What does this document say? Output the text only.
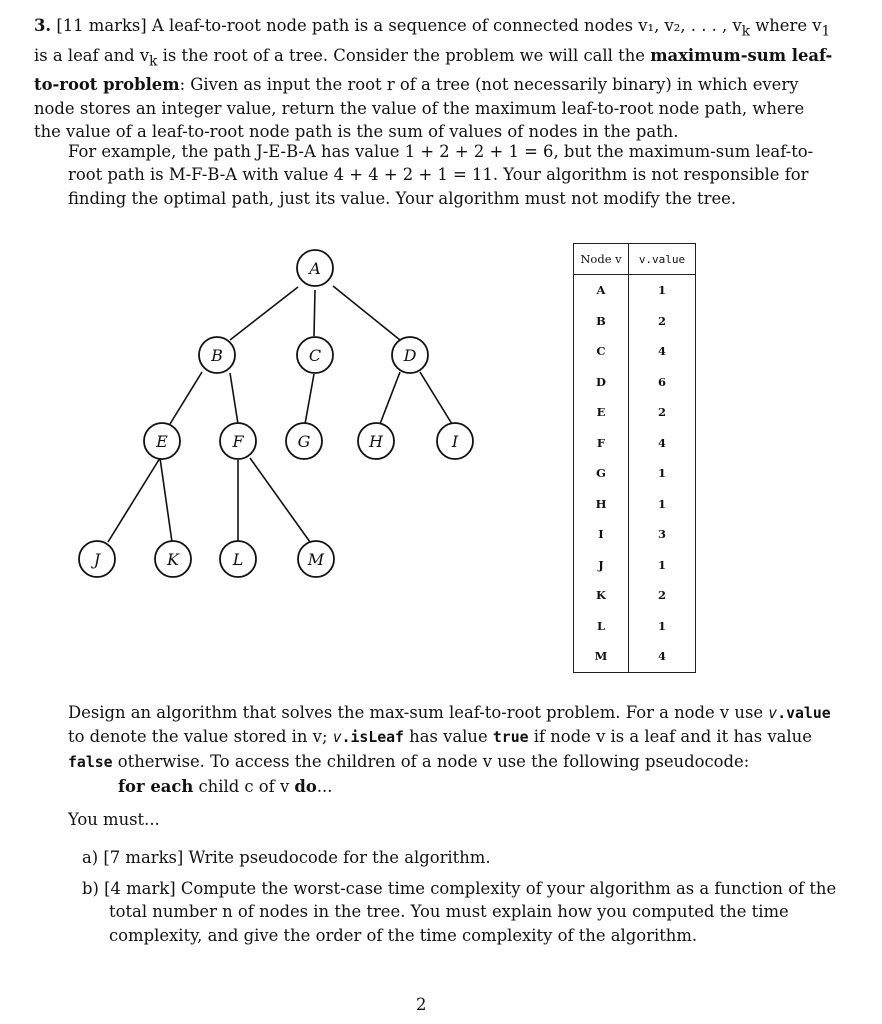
3. [11 marks] A leaf-to-root node path is a sequence of connected nodes v₁, v₂, . . . , $v_k$ where $v_1$ is a leaf and $v_k$ is the root of a tree. Consider the problem we will call the maximum-sum leaf-to-root problem: Given as input the root r of a tree (not necessarily binary) in which every node stores an integer value, return the value of the maximum leaf-to-root node path, where the value of a leaf-to-root node path is the sum of values of nodes in the path.

For example, the path J-E-B-A has value 1 + 2 + 2 + 1 = 6, but the maximum-sum leaf-to-root path is M-F-B-A with value 4 + 4 + 2 + 1 = 11. Your algorithm is not responsible for finding the optimal path, just its value. Your algorithm must not modify the tree.

A
B	C	D
E	F	G	H	I
J	K	L	M
Node v	v.value
A	1
B	2
C	4
D	6
E	2
F	4
G	1
H	1
I	3
J	1
K	2
L	1
M	4

Design an algorithm that solves the max-sum leaf-to-root problem. For a node v use v.value to denote the value stored in v; v.isLeaf has value true if node v is a leaf and it has value false otherwise. To access the children of a node v use the following pseudocode:

for each child c of v do...

You must...

a) [7 marks] Write pseudocode for the algorithm.

b) [4 mark] Compute the worst-case time complexity of your algorithm as a function of the total number n of nodes in the tree. You must explain how you computed the time complexity, and give the order of the time complexity of the algorithm.

2
